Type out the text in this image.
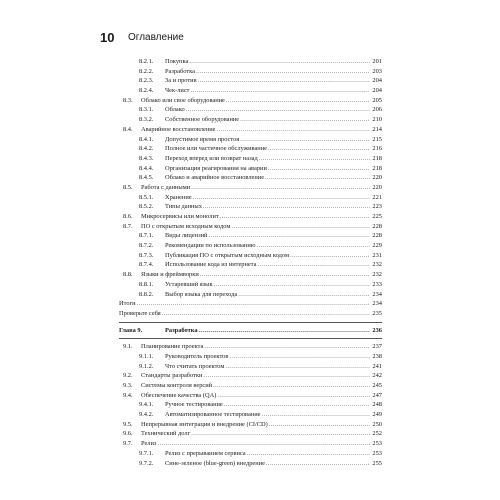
10 Оглавление
8.2.1. Покупка . . .	201
8.2.2. Разработка . . .	203
8.2.3. За и против . . .	204
8.2.4. Чек-лист . . .	204
8.3. Облако или свое оборудование . . .	205
8.3.1. Облако . . .	206
8.3.2. Собственное оборудование . . .	210
8.4. Аварийное восстановление . . .	214
8.4.1. Допустимое время простоя . . .	215
8.4.2. Полное или частичное обслуживание . . .	216
8.4.3. Переход вперед или возврат назад . . .	218
8.4.4. Организация реагирования на аварии . . .	218
8.4.5. Облако и аварийное восстановление . . .	220
8.5. Работа с данными . . .	220
8.5.1. Хранение . . .	221
8.5.2. Типы данных . . .	223
8.6. Микросервисы или монолит . . .	225
8.7. ПО с открытым исходным кодом . . .	228
8.7.1. Виды лицензий . . .	228
8.7.2. Рекомендации по использованию . . .	229
8.7.3. Публикация ПО с открытым исходным кодом . . .	231
8.7.4. Использование кода из интернета . . .	232
8.8. Языки и фреймворки . . .	232
8.8.1. Устаревший язык . . .	233
8.8.2. Выбор языка для перехода . . .	234
Итоги . . .	234
Проверьте себя . . .	235
Глава 9.	Разработка . . .	236
9.1. Планирование проекта . . .	237
9.1.1. Руководитель проектов . . .	238
9.1.2. Что считать проектом . . .	241
9.2. Стандарты разработки . . .	242
9.3. Системы контроля версий . . .	245
9.4. Обеспечение качества (QA) . . .	247
9.4.1. Ручное тестирование . . .	248
9.4.2. Автоматизированное тестирование . . .	249
9.5. Непрерывная интеграция и внедрение (CI/CD) . . .	250
9.6. Технический долг . . .	252
9.7. Релиз . . .	253
9.7.1. Релиз с прерыванием сервиса . . .	253
9.7.2. Сине-зеленое (blue-green) внедрение . . .	255
